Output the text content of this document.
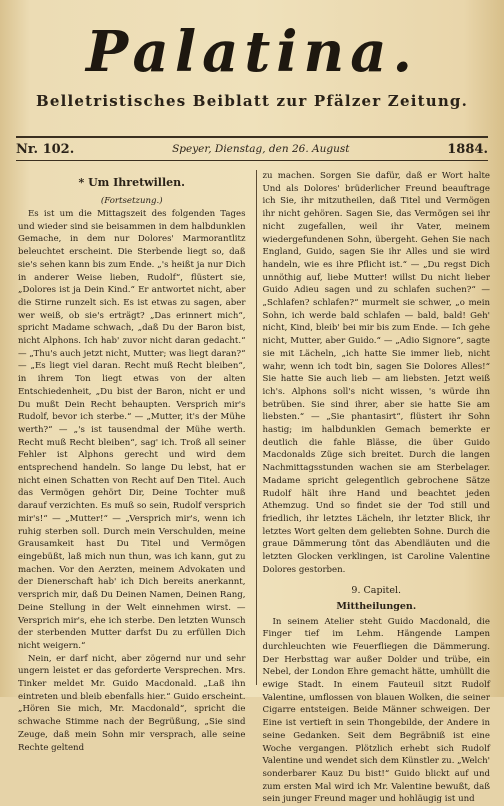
Palatina.
Belletristisches Beiblatt zur Pfälzer Zeitung.
Nr. 102.	Speyer, Dienstag, den 26. August	1884.
* Um Ihretwillen.
(Fortsetzung.)

Es ist um die Mittagszeit des folgenden Tages und wieder sind sie beisammen in dem halbdunklen Gemache, in dem nur Dolores' Marmorantlitz beleuchtet erscheint. Die Sterbende liegt so, daß sie's sehen kann bis zum Ende. „'s heißt ja nur Dich in anderer Weise lieben, Rudolf“, flüstert sie, „Dolores ist ja Dein Kind.“ Er antwortet nicht, aber die Stirne runzelt sich. Es ist etwas zu sagen, aber wer weiß, ob sie's erträgt? „Das erinnert mich“, spricht Madame schwach, „daß Du der Baron bist, nicht Alphons. Ich hab' zuvor nicht daran gedacht.“ — „Thu's auch jetzt nicht, Mutter; was liegt daran?“ — „Es liegt viel daran. Recht muß Recht bleiben“, in ihrem Ton liegt etwas von der alten Entschiedenheit, „Du bist der Baron, nicht er und Du mußt Dein Recht behaupten. Versprich mir's Rudolf, bevor ich sterbe.“ — „Mutter, it's der Mühe werth?“ — „'s ist tausendmal der Mühe werth. Recht muß Recht bleiben“, sag' ich. Troß all seiner Fehler ist Alphons gerecht und wird dem entsprechend handeln. So lange Du lebst, hat er nicht einen Schatten von Recht auf Den Titel. Auch das Vermögen gehört Dir, Deine Tochter muß darauf verzichten. Es muß so sein, Rudolf versprich mir's!“ — „Mutter!“ — „Versprich mir's, wenn ich ruhig sterben soll. Durch mein Verschulden, meine Grausamkeit hast Du Titel und Vermögen eingebüßt, laß mich nun thun, was ich kann, gut zu machen. Vor den Aerzten, meinem Advokaten und der Dienerschaft hab' ich Dich bereits anerkannt, versprich mir, daß Du Deinen Namen, Deinen Rang, Deine Stellung in der Welt einnehmen wirst. — Versprich mir's, ehe ich sterbe. Den letzten Wunsch der sterbenden Mutter darfst Du zu erfüllen Dich nicht weigern.“

Nein, er darf nicht, aber zögernd nur und sehr ungern leistet er das geforderte Versprechen. Mrs. Tinker meldet Mr. Guido Macdonald. „Laß ihn eintreten und bleib ebenfalls hier.“ Guido erscheint. „Hören Sie mich, Mr. Macdonald“, spricht die schwache Stimme nach der Begrüßung, „Sie sind Zeuge, daß mein Sohn mir versprach, alle seine Rechte geltend

zu machen. Sorgen Sie dafür, daß er Wort halte Und als Dolores' brüderlicher Freund beauftrage ich Sie, ihr mitzutheilen, daß Titel und Vermögen ihr nicht gehören. Sagen Sie, das Vermögen sei ihr nicht zugefallen, weil ihr Vater, meinem wiedergefundenen Sohn, übergeht. Gehen Sie nach England, Guido, sagen Sie ihr Alles und sie wird handeln, wie es ihre Pflicht ist.“ — „Du regst Dich unnöthig auf, liebe Mutter! willst Du nicht lieber Guido Adieu sagen und zu schlafen suchen?“ — „Schlafen? schlafen?“ murmelt sie schwer, „o mein Sohn, ich werde bald schlafen — bald, bald! Geh' nicht, Kind, bleib' bei mir bis zum Ende. — Ich gehe nicht, Mutter, aber Guido.“ — „Adio Signore“, sagte sie mit Lächeln, „ich hatte Sie immer lieb, nicht wahr, wenn ich todt bin, sagen Sie Dolores Alles!“ Sie hatte Sie auch lieb — am liebsten. Jetzt weiß ich's. Alphons soll's nicht wissen, 's würde ihn betrüben. Sie sind ihrer, aber sie hatte Sie am liebsten.“ — „Sie phantasirt“, flüstert ihr Sohn hastig; im halbdunklen Gemach bemerkte er deutlich die fahle Blässe, die über Guido Macdonalds Züge sich breitet. Durch die langen Nachmittagsstunden wachen sie am Sterbelager. Madame spricht gelegentlich gebrochene Sätze Rudolf hält ihre Hand und beachtet jeden Athemzug. Und so findet sie der Tod still und friedlich, ihr letztes Lächeln, ihr letzter Blick, ihr letztes Wort gelten dem geliebten Sohne. Durch die graue Dämmerung tönt das Abendläuten und die letzten Glocken verklingen, ist Caroline Valentine Dolores gestorben.

9. Capitel.
Mittheilungen.

In seinem Atelier steht Guido Macdonald, die Finger tief im Lehm. Hängende Lampen durchleuchten wie Feuerfliegen die Dämmerung. Der Herbsttag war außer Dolder und trübe, ein Nebel, der London Ehre gemacht hätte, umhüllt die ewige Stadt. In einem Fauteuil sitzt Rudolf Valentine, umflossen von blauen Wolken, die seiner Cigarre entsteigen. Beide Männer schweigen. Der Eine ist vertieft in sein Thongebilde, der Andere in seine Gedanken. Seit dem Begräbniß ist eine Woche vergangen. Plötzlich erhebt sich Rudolf Valentine und wendet sich dem Künstler zu. „Welch' sonderbarer Kauz Du bist!“ Guido blickt auf und zum ersten Mal wird ich Mr. Valentine bewußt, daß sein junger Freund mager und hohläugig ist und
